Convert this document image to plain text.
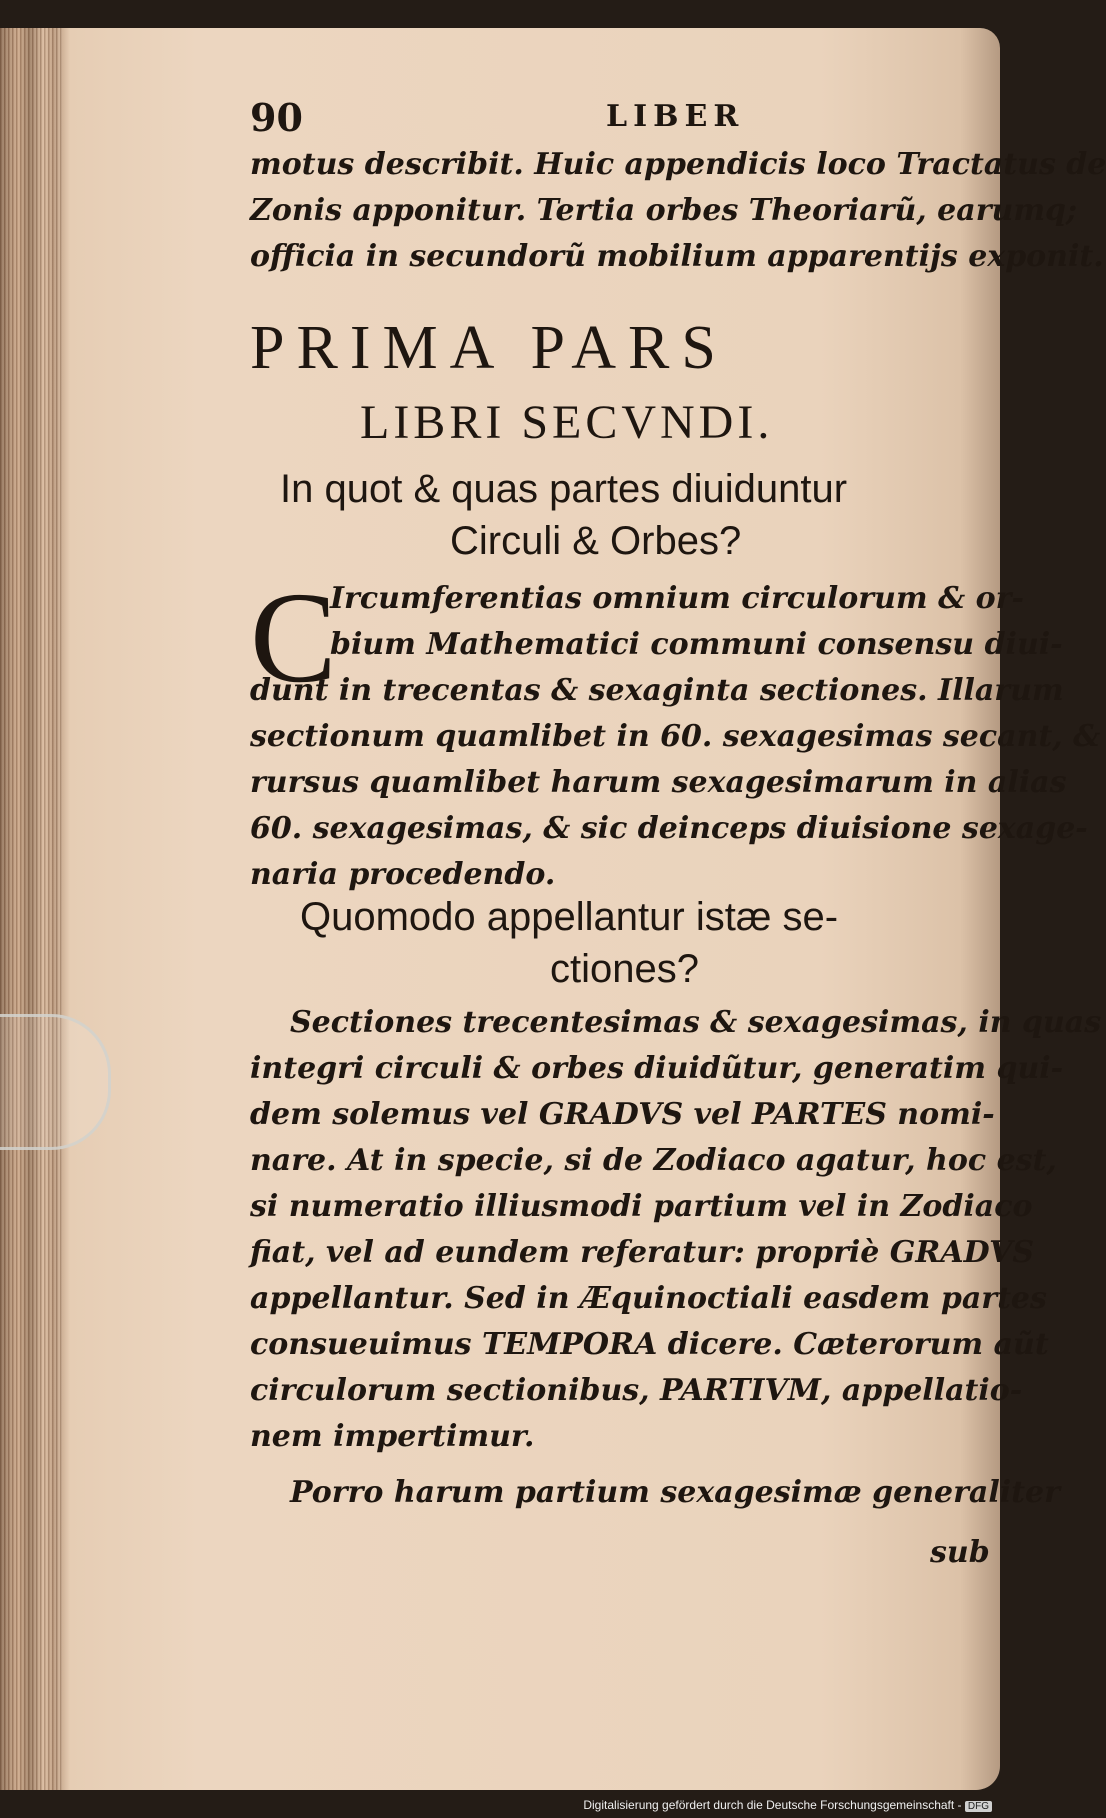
90	LIBER
motus describit. Huic appendicis loco Tractatus de
Zonis apponitur. Tertia orbes Theoriarũ, earumq;
officia in secundorũ mobilium apparentijs exponit.
PRIMA PARS
LIBRI SECVNDI.
In quot & quas partes diuiduntur
Circuli & Orbes?
C
Ircumferentias omnium circulorum & or-
bium Mathematici communi consensu diui-
dunt in trecentas & sexaginta sectiones. Illarum
sectionum quamlibet in 60. sexagesimas secant, &
rursus quamlibet harum sexagesimarum in alias
60. sexagesimas, & sic deinceps diuisione sexage-
naria procedendo.
Quomodo appellantur istæ se-
ctiones?
Sectiones trecentesimas & sexagesimas, in quas
integri circuli & orbes diuidũtur, generatim qui-
dem solemus vel GRADVS vel PARTES nomi-
nare. At in specie, si de Zodiaco agatur, hoc est,
si numeratio illiusmodi partium vel in Zodiaco
fiat, vel ad eundem referatur: propriè GRADVS
appellantur. Sed in Æquinoctiali easdem partes
consueuimus TEMPORA dicere. Cæterorum aũt
circulorum sectionibus, PARTIVM, appellatio-
nem impertimur.
Porro harum partium sexagesimæ generaliter
sub
Digitalisierung gefördert durch die Deutsche Forschungsgemeinschaft - DFG
